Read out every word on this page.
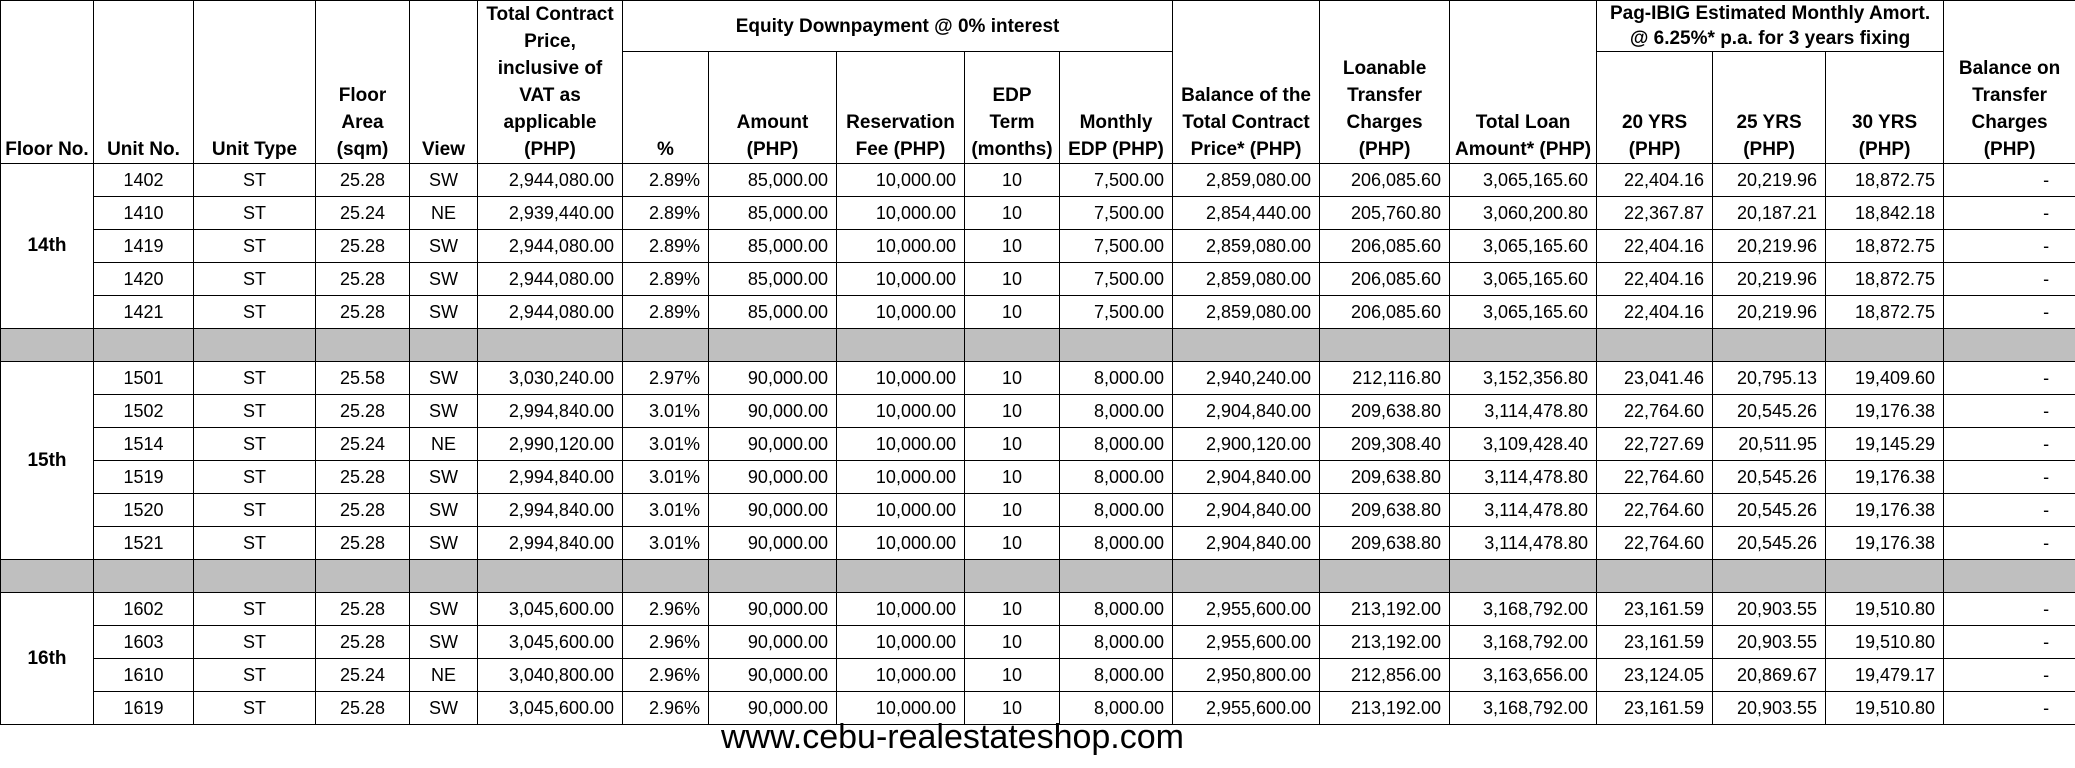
Floor No.	Unit No.	Unit Type	Floor Area (sqm)	View	Total Contract Price, inclusive of VAT as applicable (PHP)	Equity Downpayment @ 0% interest					Balance of the Total Contract Price* (PHP)	Loanable Transfer Charges (PHP)	Total Loan Amount* (PHP)	Pag-IBIG Estimated Monthly Amort. @ 6.25%* p.a. for 3 years fixing			Balance on Transfer Charges (PHP)
						%	Amount (PHP)	Reservation Fee (PHP)	EDP Term (months)	Monthly EDP (PHP)				20 YRS (PHP)	25 YRS (PHP)	30 YRS (PHP)	
14th	1402	ST	25.28	SW	2,944,080.00	2.89%	85,000.00	10,000.00	10	7,500.00	2,859,080.00	206,085.60	3,065,165.60	22,404.16	20,219.96	18,872.75	-
	1410	ST	25.24	NE	2,939,440.00	2.89%	85,000.00	10,000.00	10	7,500.00	2,854,440.00	205,760.80	3,060,200.80	22,367.87	20,187.21	18,842.18	-
	1419	ST	25.28	SW	2,944,080.00	2.89%	85,000.00	10,000.00	10	7,500.00	2,859,080.00	206,085.60	3,065,165.60	22,404.16	20,219.96	18,872.75	-
	1420	ST	25.28	SW	2,944,080.00	2.89%	85,000.00	10,000.00	10	7,500.00	2,859,080.00	206,085.60	3,065,165.60	22,404.16	20,219.96	18,872.75	-
	1421	ST	25.28	SW	2,944,080.00	2.89%	85,000.00	10,000.00	10	7,500.00	2,859,080.00	206,085.60	3,065,165.60	22,404.16	20,219.96	18,872.75	-

15th	1501	ST	25.58	SW	3,030,240.00	2.97%	90,000.00	10,000.00	10	8,000.00	2,940,240.00	212,116.80	3,152,356.80	23,041.46	20,795.13	19,409.60	-
	1502	ST	25.28	SW	2,994,840.00	3.01%	90,000.00	10,000.00	10	8,000.00	2,904,840.00	209,638.80	3,114,478.80	22,764.60	20,545.26	19,176.38	-
	1514	ST	25.24	NE	2,990,120.00	3.01%	90,000.00	10,000.00	10	8,000.00	2,900,120.00	209,308.40	3,109,428.40	22,727.69	20,511.95	19,145.29	-
	1519	ST	25.28	SW	2,994,840.00	3.01%	90,000.00	10,000.00	10	8,000.00	2,904,840.00	209,638.80	3,114,478.80	22,764.60	20,545.26	19,176.38	-
	1520	ST	25.28	SW	2,994,840.00	3.01%	90,000.00	10,000.00	10	8,000.00	2,904,840.00	209,638.80	3,114,478.80	22,764.60	20,545.26	19,176.38	-
	1521	ST	25.28	SW	2,994,840.00	3.01%	90,000.00	10,000.00	10	8,000.00	2,904,840.00	209,638.80	3,114,478.80	22,764.60	20,545.26	19,176.38	-

16th	1602	ST	25.28	SW	3,045,600.00	2.96%	90,000.00	10,000.00	10	8,000.00	2,955,600.00	213,192.00	3,168,792.00	23,161.59	20,903.55	19,510.80	-
	1603	ST	25.28	SW	3,045,600.00	2.96%	90,000.00	10,000.00	10	8,000.00	2,955,600.00	213,192.00	3,168,792.00	23,161.59	20,903.55	19,510.80	-
	1610	ST	25.24	NE	3,040,800.00	2.96%	90,000.00	10,000.00	10	8,000.00	2,950,800.00	212,856.00	3,163,656.00	23,124.05	20,869.67	19,479.17	-
	1619	ST	25.28	SW	3,045,600.00	2.96%	90,000.00	10,000.00	10	8,000.00	2,955,600.00	213,192.00	3,168,792.00	23,161.59	20,903.55	19,510.80	-
www.cebu-realestateshop.com
